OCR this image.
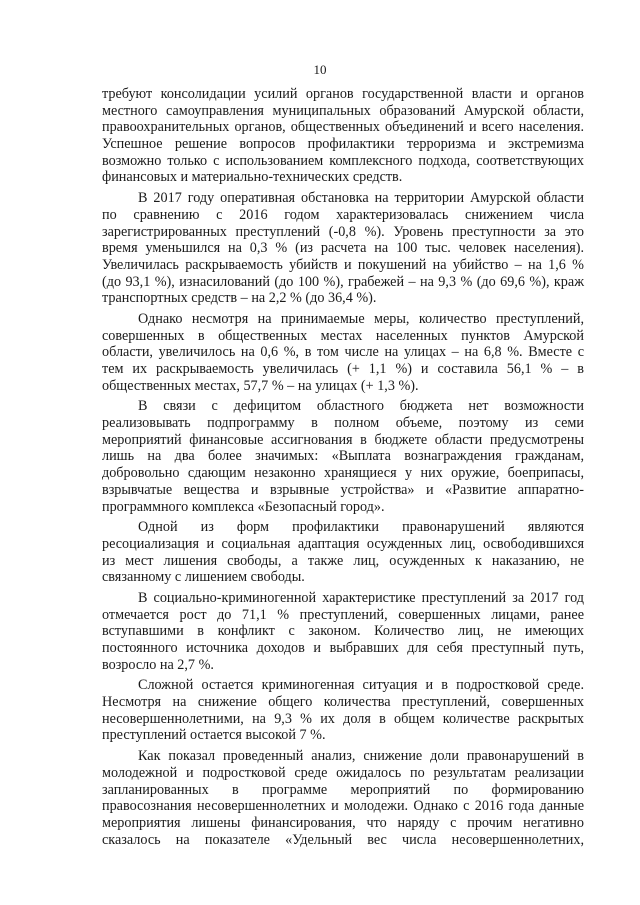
10

требуют консолидации усилий органов государственной власти и органов
местного самоуправления муниципальных образований Амурской области,
правоохранительных органов, общественных объединений и всего населения.
Успешное решение вопросов профилактики терроризма и экстремизма
возможно только с использованием комплексного подхода, соответствующих
финансовых и материально-технических средств.

В 2017 году оперативная обстановка на территории Амурской области
по сравнению с 2016 годом характеризовалась снижением числа
зарегистрированных преступлений (-0,8 %). Уровень преступности за это
время уменьшился на 0,3 % (из расчета на 100 тыс. человек населения).
Увеличилась раскрываемость убийств и покушений на убийство – на 1,6 %
(до 93,1 %), изнасилований (до 100 %), грабежей – на 9,3 % (до 69,6 %), краж
транспортных средств – на 2,2 % (до 36,4 %).

Однако несмотря на принимаемые меры, количество преступлений,
совершенных в общественных местах населенных пунктов Амурской
области, увеличилось на 0,6 %, в том числе на улицах – на 6,8 %. Вместе с
тем их раскрываемость увеличилась (+ 1,1 %) и составила 56,1 % – в
общественных местах, 57,7 % – на улицах (+ 1,3 %).

В связи с дефицитом областного бюджета нет возможности
реализовывать подпрограмму в полном объеме, поэтому из семи
мероприятий финансовые ассигнования в бюджете области предусмотрены
лишь на два более значимых: «Выплата вознаграждения гражданам,
добровольно сдающим незаконно хранящиеся у них оружие, боеприпасы,
взрывчатые вещества и взрывные устройства» и «Развитие аппаратно-
программного комплекса «Безопасный город».

Одной из форм профилактики правонарушений являются
ресоциализация и социальная адаптация осужденных лиц, освободившихся
из мест лишения свободы, а также лиц, осужденных к наказанию, не
связанному с лишением свободы.

В социально-криминогенной характеристике преступлений за 2017 год
отмечается рост до 71,1 % преступлений, совершенных лицами, ранее
вступавшими в конфликт с законом. Количество лиц, не имеющих
постоянного источника доходов и выбравших для себя преступный путь,
возросло на 2,7 %.

Сложной остается криминогенная ситуация и в подростковой среде.
Несмотря на снижение общего количества преступлений, совершенных
несовершеннолетними, на 9,3 % их доля в общем количестве раскрытых
преступлений остается высокой 7 %.

Как показал проведенный анализ, снижение доли правонарушений в
молодежной и подростковой среде ожидалось по результатам реализации
запланированных в программе мероприятий по формированию
правосознания несовершеннолетних и молодежи. Однако с 2016 года данные
мероприятия лишены финансирования, что наряду с прочим негативно
сказалось на показателе «Удельный вес числа несовершеннолетних,
